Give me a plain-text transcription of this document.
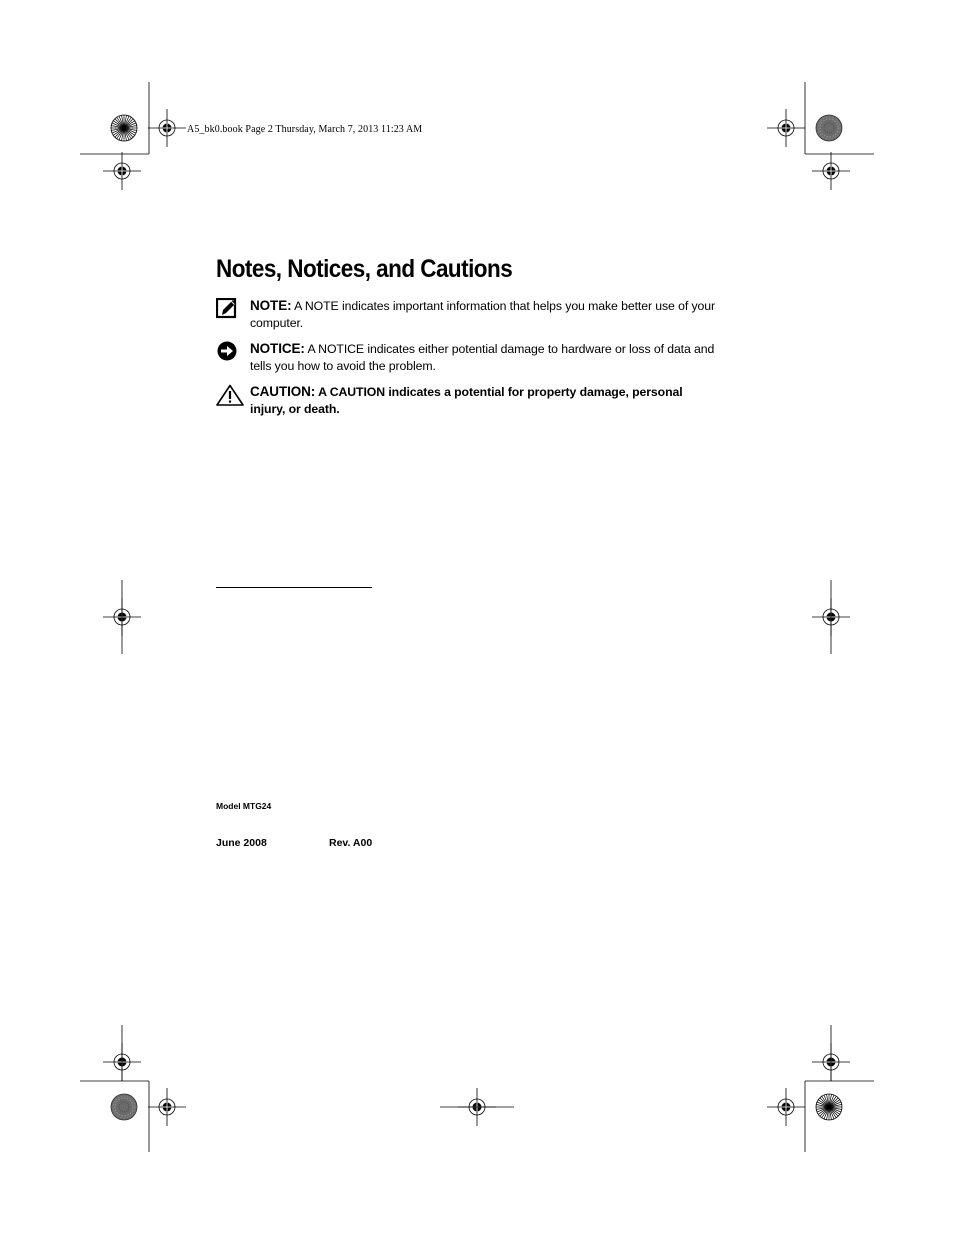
A5_bk0.book Page 2 Thursday, March 7, 2013 11:23 AM
Notes, Notices, and Cautions
NOTE: A NOTE indicates important information that helps you make better use of your computer.
NOTICE: A NOTICE indicates either potential damage to hardware or loss of data and tells you how to avoid the problem.
CAUTION: A CAUTION indicates a potential for property damage, personal injury, or death.
Model MTG24
June 2008	Rev. A00
